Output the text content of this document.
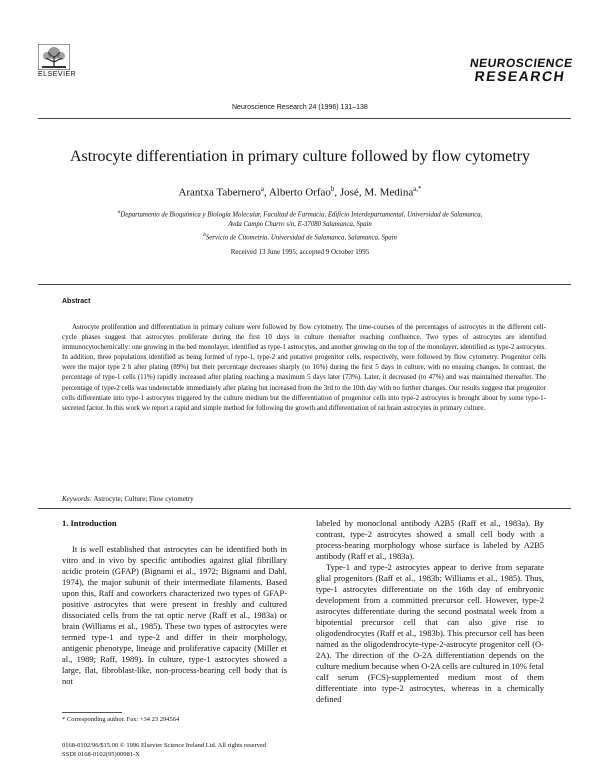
ELSEVIER
Neuroscience Research 24 (1996) 131–138
NEUROSCIENCE
RESEARCH
Astrocyte differentiation in primary culture followed by flow cytometry
Arantxa Tabernero$^a$, Alberto Orfao$^b$, José, M. Medina$^{a,*}$
$^a$Departamento de Bioquímica y Biología Molecular, Facultad de Farmacia, Edificio Interdepartamental, Universidad de Salamanca,
Avda Campo Charro s/n, E-37080 Salamanca, Spain
$^b$Servicio de Citometría, Universidad de Salamanca, Salamanca, Spain
Received 13 June 1995; accepted 9 October 1995
Abstract
Astrocyte proliferation and differentiation in primary culture were followed by flow cytometry. The time-courses of the percentages of astrocytes in the different cell-cycle phases suggest that astrocytes proliferate during the first 10 days in culture thereafter reaching confluence. Two types of astrocytes are identified immunocytochemically: one growing in the bed monolayer, identified as type-1 astrocytes, and another growing on the top of the monolayer, identified as type-2 astrocytes. In addition, three populations identified as being formed of type-1, type-2 and putative progenitor cells, respectively, were followed by flow cytometry. Progenitor cells were the major type 2 h after plating (89%) but their percentage decreases sharply (to 16%) during the first 5 days in culture, with no ensuing changes. In contrast, the percentage of type-1 cells (11%) rapidly increased after plating reaching a maximum 5 days later (73%). Later, it decreased (to 47%) and was maintained thereafter. The percentage of type-2 cells was undetectable immediately after plating but increased from the 3rd to the 10th day with no further changes. Our results suggest that progenitor cells differentiate into type-1 astrocytes triggered by the culture medium but the differentiation of progenitor cells into type-2 astrocytes is brought about by some type-1-secreted factor. In this work we report a rapid and simple method for following the growth and differentiation of rat brain astrocytes in primary culture.
Keywords: Astrocyte; Culture; Flow cytometry
1. Introduction
It is well established that astrocytes can be identified both in vitro and in vivo by specific antibodies against glial fibrillary acidic protein (GFAP) (Bignami et al., 1972; Bignami and Dahl, 1974), the major subunit of their intermediate filaments. Based upon this, Raff and coworkers characterized two types of GFAP-positive astrocytes that were present in freshly and cultured dissociated cells from the rat optic nerve (Raff et al., 1983a) or brain (Williams et al., 1985). These two types of astrocytes were termed type-1 and type-2 and differ in their morphology, antigenic phenotype, lineage and proliferative capacity (Miller et al., 1989; Raff, 1989). In culture, type-1 astrocytes showed a large, flat, fibroblast-like, non-process-bearing cell body that is not

labeled by monoclonal antibody A2B5 (Raff et al., 1983a). By contrast, type-2 astrocytes showed a small cell body with a process-bearing morphology whose surface is labeled by A2B5 antibody (Raff et al., 1983a).

Type-1 and type-2 astrocytes appear to derive from separate glial progenitors (Raff et al., 1983b; Williams et al., 1985). Thus, type-1 astrocytes differentiate on the 16th day of embryonic development from a committed precursor cell. However, type-2 astrocytes differentiate during the second postnatal week from a bipotential precursor cell that can also give rise to oligodendrocytes (Raff et al., 1983b). This precursor cell has been named as the oligodendrocyte-type-2-astrocyte progenitor cell (O-2A). The direction of the O-2A differentiation depends on the culture medium because when O-2A cells are cultured in 10% fetal calf serum (FCS)-supplemented medium most of them differentiate into type-2 astrocytes, whereas in a chemically defined

* Corresponding author. Fax: +34 23 294564
0168-0102/96/$15.00 © 1996 Elsevier Science Ireland Ltd. All rights reserved
SSDI 0168-0102(95)00981-X
